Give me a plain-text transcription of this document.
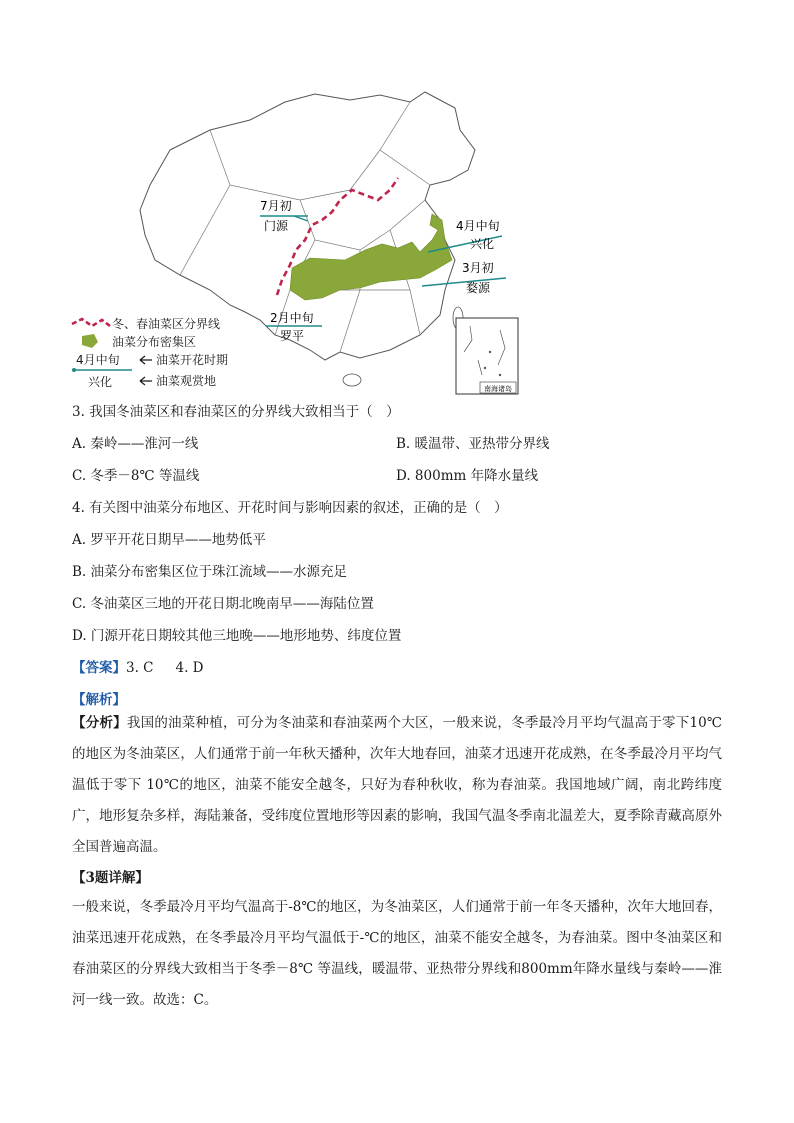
南海诸岛
7月初
门源	4月中旬
兴化
3月初
婺源
2月中旬
罗平
冬、春油菜区分界线
油菜分布密集区
4月中旬
兴化
油菜开花时期
油菜观赏地
3. 我国冬油菜区和春油菜区的分界线大致相当于（　）
A. 秦岭——淮河一线	B. 暖温带、亚热带分界线
C. 冬季－8℃ 等温线	D. 800mm 年降水量线
4. 有关图中油菜分布地区、开花时间与影响因素的叙述，正确的是（　）
A. 罗平开花日期早——地势低平
B. 油菜分布密集区位于珠江流域——水源充足
C. 冬油菜区三地的开花日期北晚南早——海陆位置
D. 门源开花日期较其他三地晚——地形地势、纬度位置
【答案】3. C 4. D
【解析】
【分析】我国的油菜种植，可分为冬油菜和春油菜两个大区，一般来说，冬季最冷月平均气温高于零下10℃的地区为冬油菜区，人们通常于前一年秋天播种，次年大地春回，油菜才迅速开花成熟，在冬季最冷月平均气温低于零下 10℃的地区，油菜不能安全越冬，只好为春种秋收，称为春油菜。我国地域广阔，南北跨纬度广，地形复杂多样，海陆兼备，受纬度位置地形等因素的影响，我国气温冬季南北温差大，夏季除青藏高原外全国普遍高温。
【3题详解】
一般来说，冬季最冷月平均气温高于-8℃的地区，为冬油菜区，人们通常于前一年冬天播种，次年大地回春，油菜迅速开花成熟，在冬季最冷月平均气温低于-℃的地区，油菜不能安全越冬，为春油菜。图中冬油菜区和春油菜区的分界线大致相当于冬季－8℃ 等温线，暖温带、亚热带分界线和800mm年降水量线与秦岭——淮河一线一致。故选：C。
